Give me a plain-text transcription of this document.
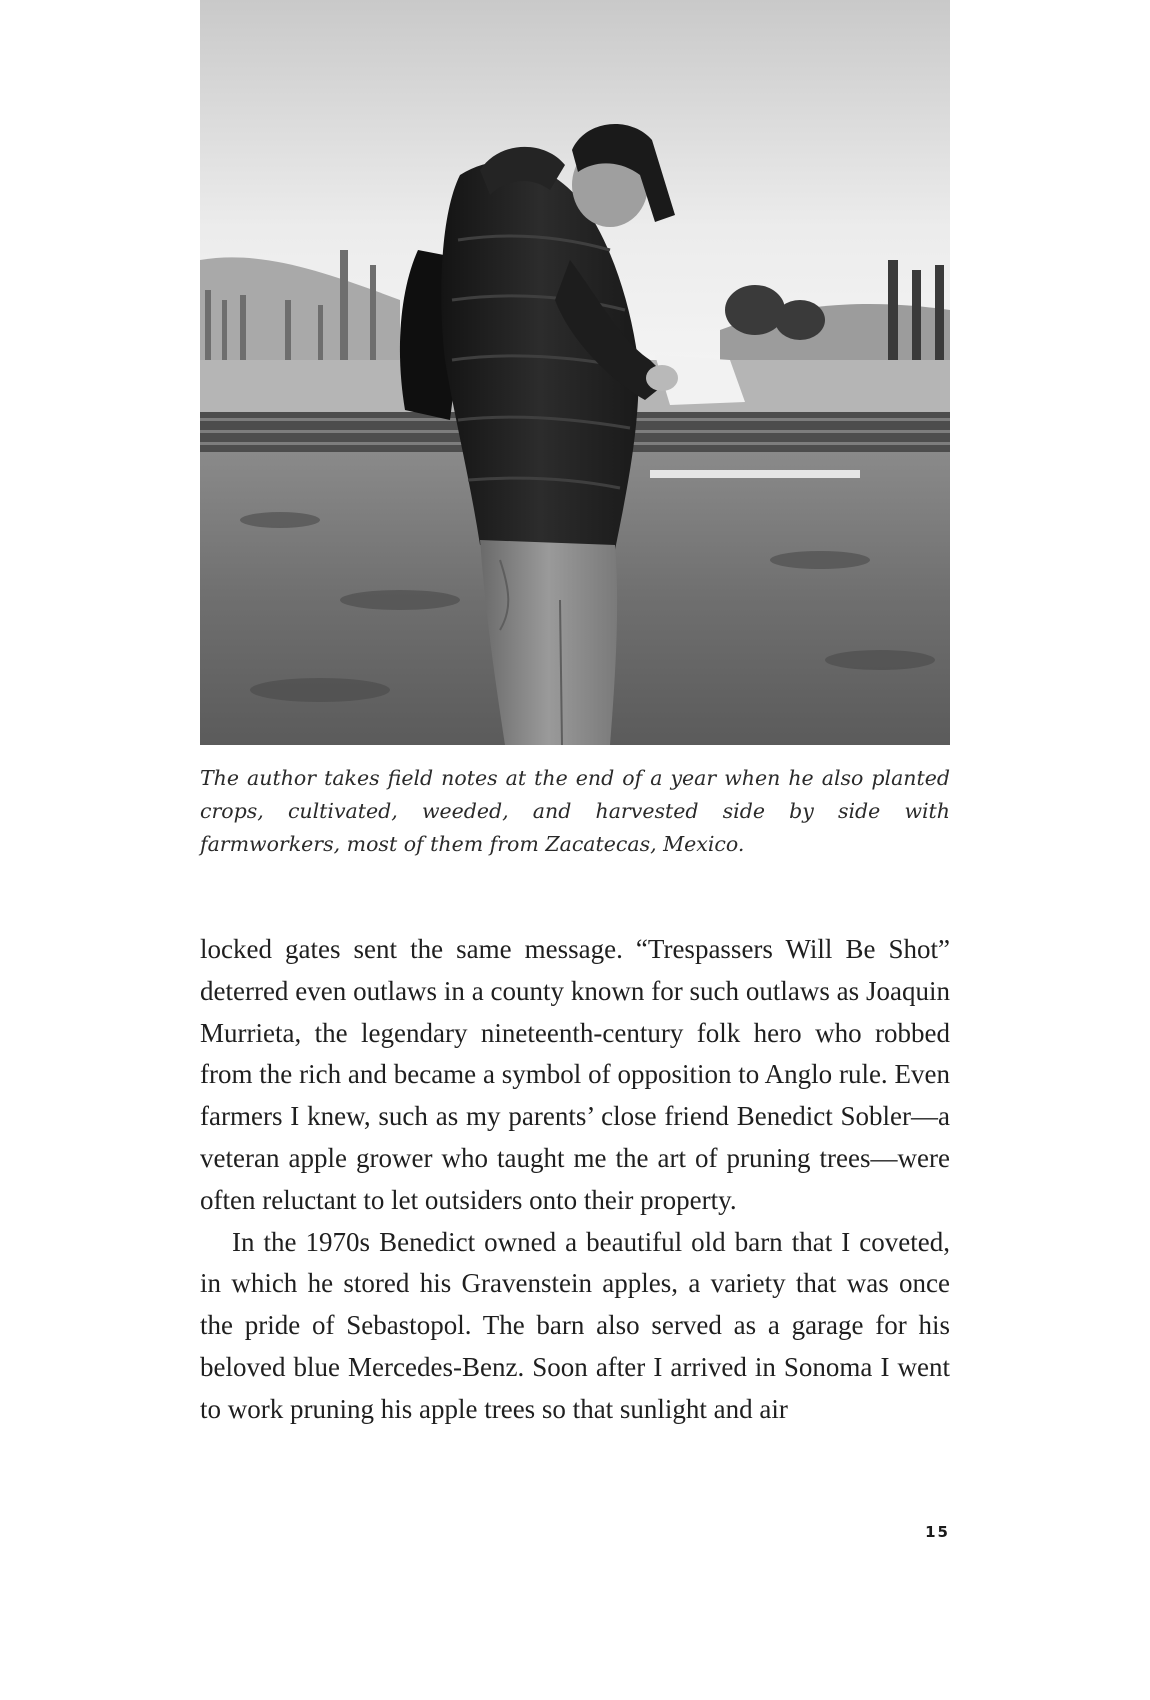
The author takes field notes at the end of a year when he also planted crops, cultivated, weeded, and harvested side by side with farmworkers, most of them from Zacatecas, Mexico.

locked gates sent the same message. “Trespassers Will Be Shot” deterred even outlaws in a county known for such outlaws as Joaquin Murrieta, the legendary nineteenth-century folk hero who robbed from the rich and became a symbol of opposition to Anglo rule. Even farmers I knew, such as my parents’ close friend Benedict Sobler—a veteran apple grower who taught me the art of pruning trees—were often reluctant to let outsiders onto their property.

In the 1970s Benedict owned a beautiful old barn that I coveted, in which he stored his Gravenstein apples, a variety that was once the pride of Sebastopol. The barn also served as a garage for his beloved blue Mercedes-Benz. Soon after I arrived in Sonoma I went to work pruning his apple trees so that sunlight and air

15
